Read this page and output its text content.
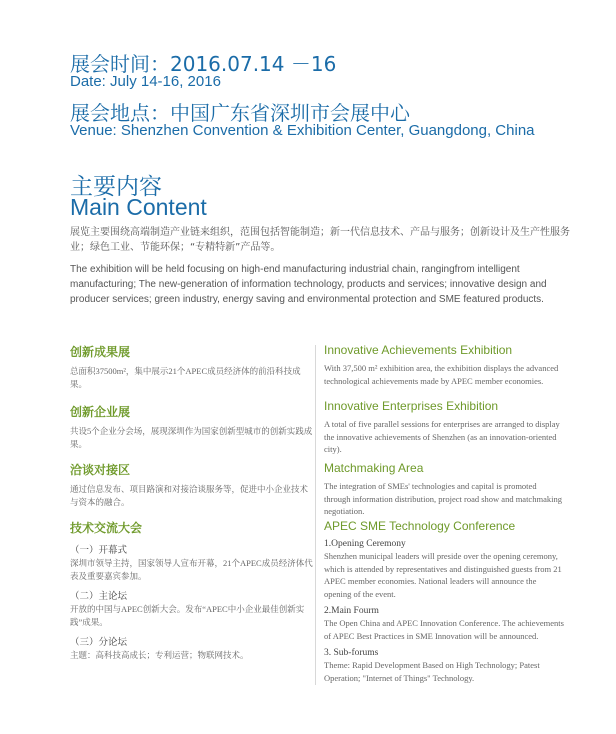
展会时间：2016.07.14 －16
Date: July 14-16, 2016
展会地点：中国广东省深圳市会展中心
Venue: Shenzhen Convention & Exhibition Center, Guangdong, China
主要内容
Main Content
展览主要围绕高端制造产业链来组织，范围包括智能制造；新一代信息技术、产品与服务；创新设计及生产性服务业；绿色工业、节能环保；“专精特新”产品等。
The exhibition will be held focusing on high-end manufacturing industrial chain, rangingfrom intelligent manufacturing; The new-generation of information technology, products and services; innovative design and producer services; green industry, energy saving and environmental protection and SME featured products.
创新成果展
总面积37500m²，集中展示21个APEC成员经济体的前沿科技成果。
创新企业展
共设5个企业分会场，展现深圳作为国家创新型城市的创新实践成果。
洽谈对接区
通过信息发布、项目路演和对接洽谈服务等，促进中小企业技术与资本的融合。
技术交流大会
（一）开幕式
深圳市领导主持，国家领导人宣布开幕，21个APEC成员经济体代表及重要嘉宾参加。
（二）主论坛
开放的中国与APEC创新大会。发布“APEC中小企业最佳创新实践”成果。
（三）分论坛
主题：高科技高成长；专利运营；物联网技术。
Innovative Achievements Exhibition
With 37,500 m² exhibition area, the exhibition displays the advanced technological achievements made by APEC member economies.
Innovative Enterprises Exhibition
A total of five parallel sessions for enterprises are arranged to display the innovative achievements of Shenzhen (as an innovation-oriented city).
Matchmaking Area
The integration of SMEs' technologies and capital is promoted through information distribution, project road show and matchmaking negotiation.
APEC SME Technology Conference
1.Opening Ceremony
Shenzhen municipal leaders will preside over the opening ceremony, which is attended by representatives and distinguished guests from 21 APEC member economies. National leaders will announce the opening of the event.
2.Main Fourm
The Open China and APEC Innovation Conference. The achievements of APEC Best Practices in SME Innovation will be announced.
3. Sub-forums
Theme: Rapid Development Based on High Technology; Patest Operation; "Internet of Things" Technology.
